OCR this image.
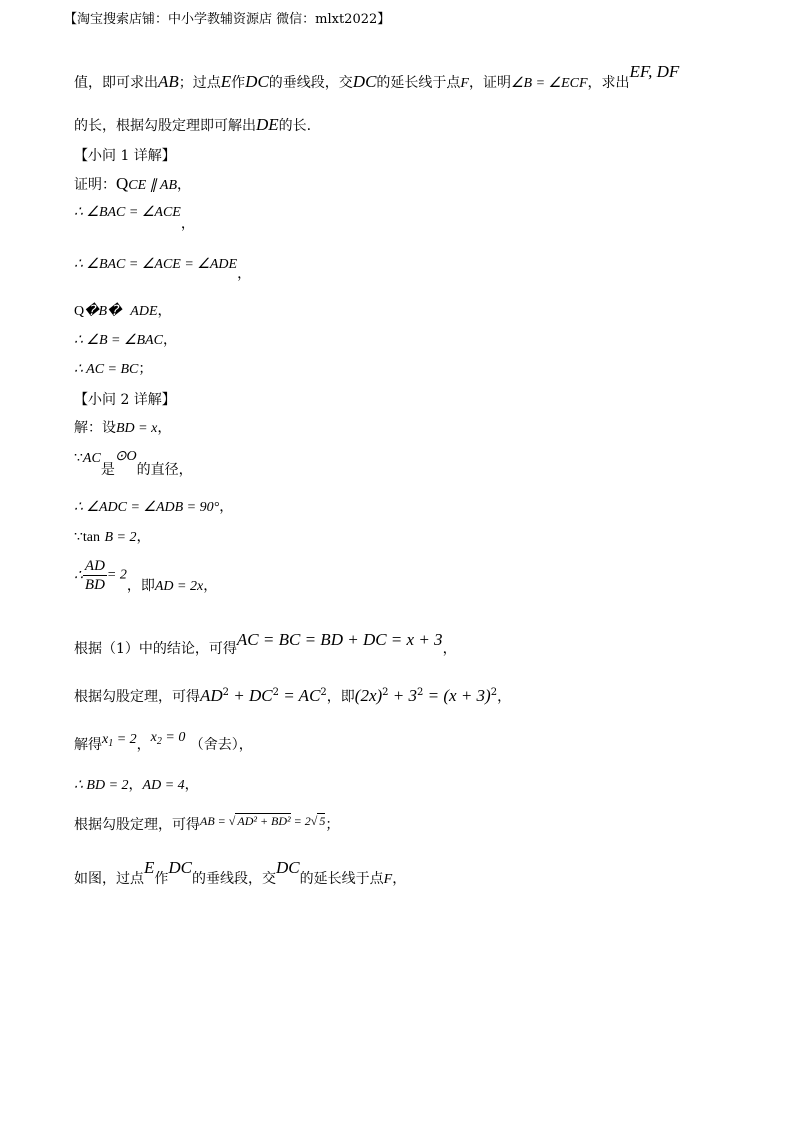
【淘宝搜索店铺：中小学教辅资源店 微信：mlxt2022】
值，即可求出AB；过点E作DC的垂线段，交DC的延长线于点F，证明∠B = ∠ECF，求出EF, DF
的长，根据勾股定理即可解出DE的长.
【小问 1 详解】
证明：QCE ∥ AB，
∴ ∠BAC = ∠ACE，
∴ ∠BAC = ∠ACE = ∠ADE，
Q�B� ADE，
∴ ∠B = ∠BAC，
∴ AC = BC；
【小问 2 详解】
解：设BD = x，
∵AC是⊙O的直径，
∴ ∠ADC = ∠ADB = 90°，
∵tan B = 2，
∴ $\frac{AD}{BD} = 2$，即AD = 2x，
根据（1）中的结论，可得AC = BC = BD + DC = x + 3，
根据勾股定理，可得$AD^2 + DC^2 = AC^2$，即$(2x)^2 + 3^2 = (x + 3)^2$，
解得$x_1 = 2$，$x_2 = 0$ （舍去），
∴ BD = 2，AD = 4，
根据勾股定理，可得AB = √ AD² + BD² = 2√ 5；
如图，过点E作DC的垂线段，交DC的延长线于点F，
